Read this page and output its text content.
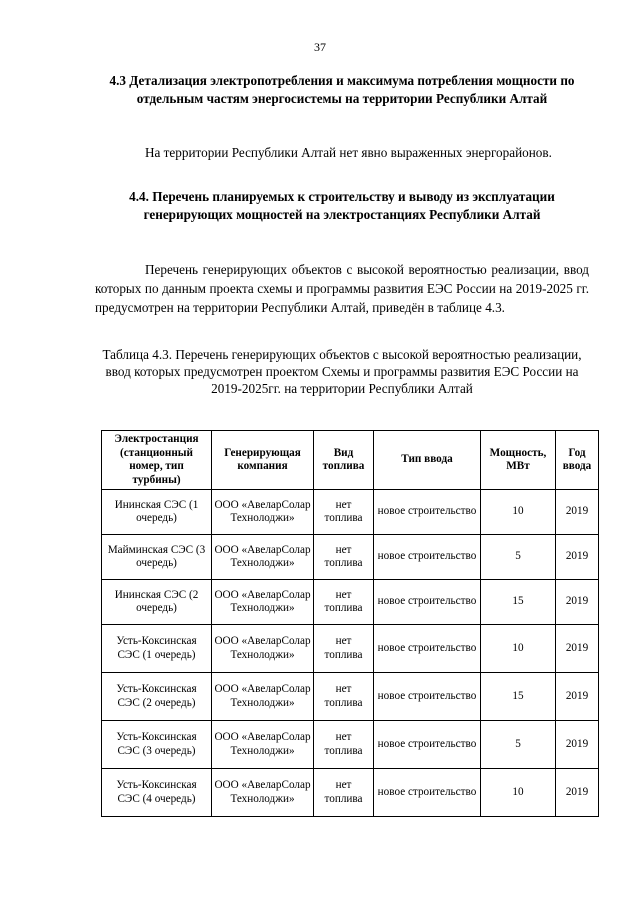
37
4.3 Детализация электропотребления и максимума потребления мощности по отдельным частям энергосистемы на территории Республики Алтай
На территории Республики Алтай нет явно выраженных энергорайонов.
4.4. Перечень планируемых к строительству и выводу из эксплуатации генерирующих мощностей на электростанциях Республики Алтай
Перечень генерирующих объектов с высокой вероятностью реализации, ввод которых по данным проекта схемы и программы развития ЕЭС России на 2019-2025 гг. предусмотрен на территории Республики Алтай, приведён в таблице 4.3.
Таблица 4.3. Перечень генерирующих объектов с высокой вероятностью реализации, ввод которых предусмотрен проектом Схемы и программы развития ЕЭС России на 2019-2025гг. на территории Республики Алтай
Электростанция (станционный номер, тип турбины)	Генерирующая компания	Вид топлива	Тип ввода	Мощность, МВт	Год ввода
Ининская СЭС (1 очередь)	ООО «АвеларСолар Технолоджи»	нет топлива	новое строительство	10	2019
Майминская СЭС (3 очередь)	ООО «АвеларСолар Технолоджи»	нет топлива	новое строительство	5	2019
Ининская СЭС (2 очередь)	ООО «АвеларСолар Технолоджи»	нет топлива	новое строительство	15	2019
Усть-Коксинская СЭС (1 очередь)	ООО «АвеларСолар Технолоджи»	нет топлива	новое строительство	10	2019
Усть-Коксинская СЭС (2 очередь)	ООО «АвеларСолар Технолоджи»	нет топлива	новое строительство	15	2019
Усть-Коксинская СЭС (3 очередь)	ООО «АвеларСолар Технолоджи»	нет топлива	новое строительство	5	2019
Усть-Коксинская СЭС (4 очередь)	ООО «АвеларСолар Технолоджи»	нет топлива	новое строительство	10	2019
